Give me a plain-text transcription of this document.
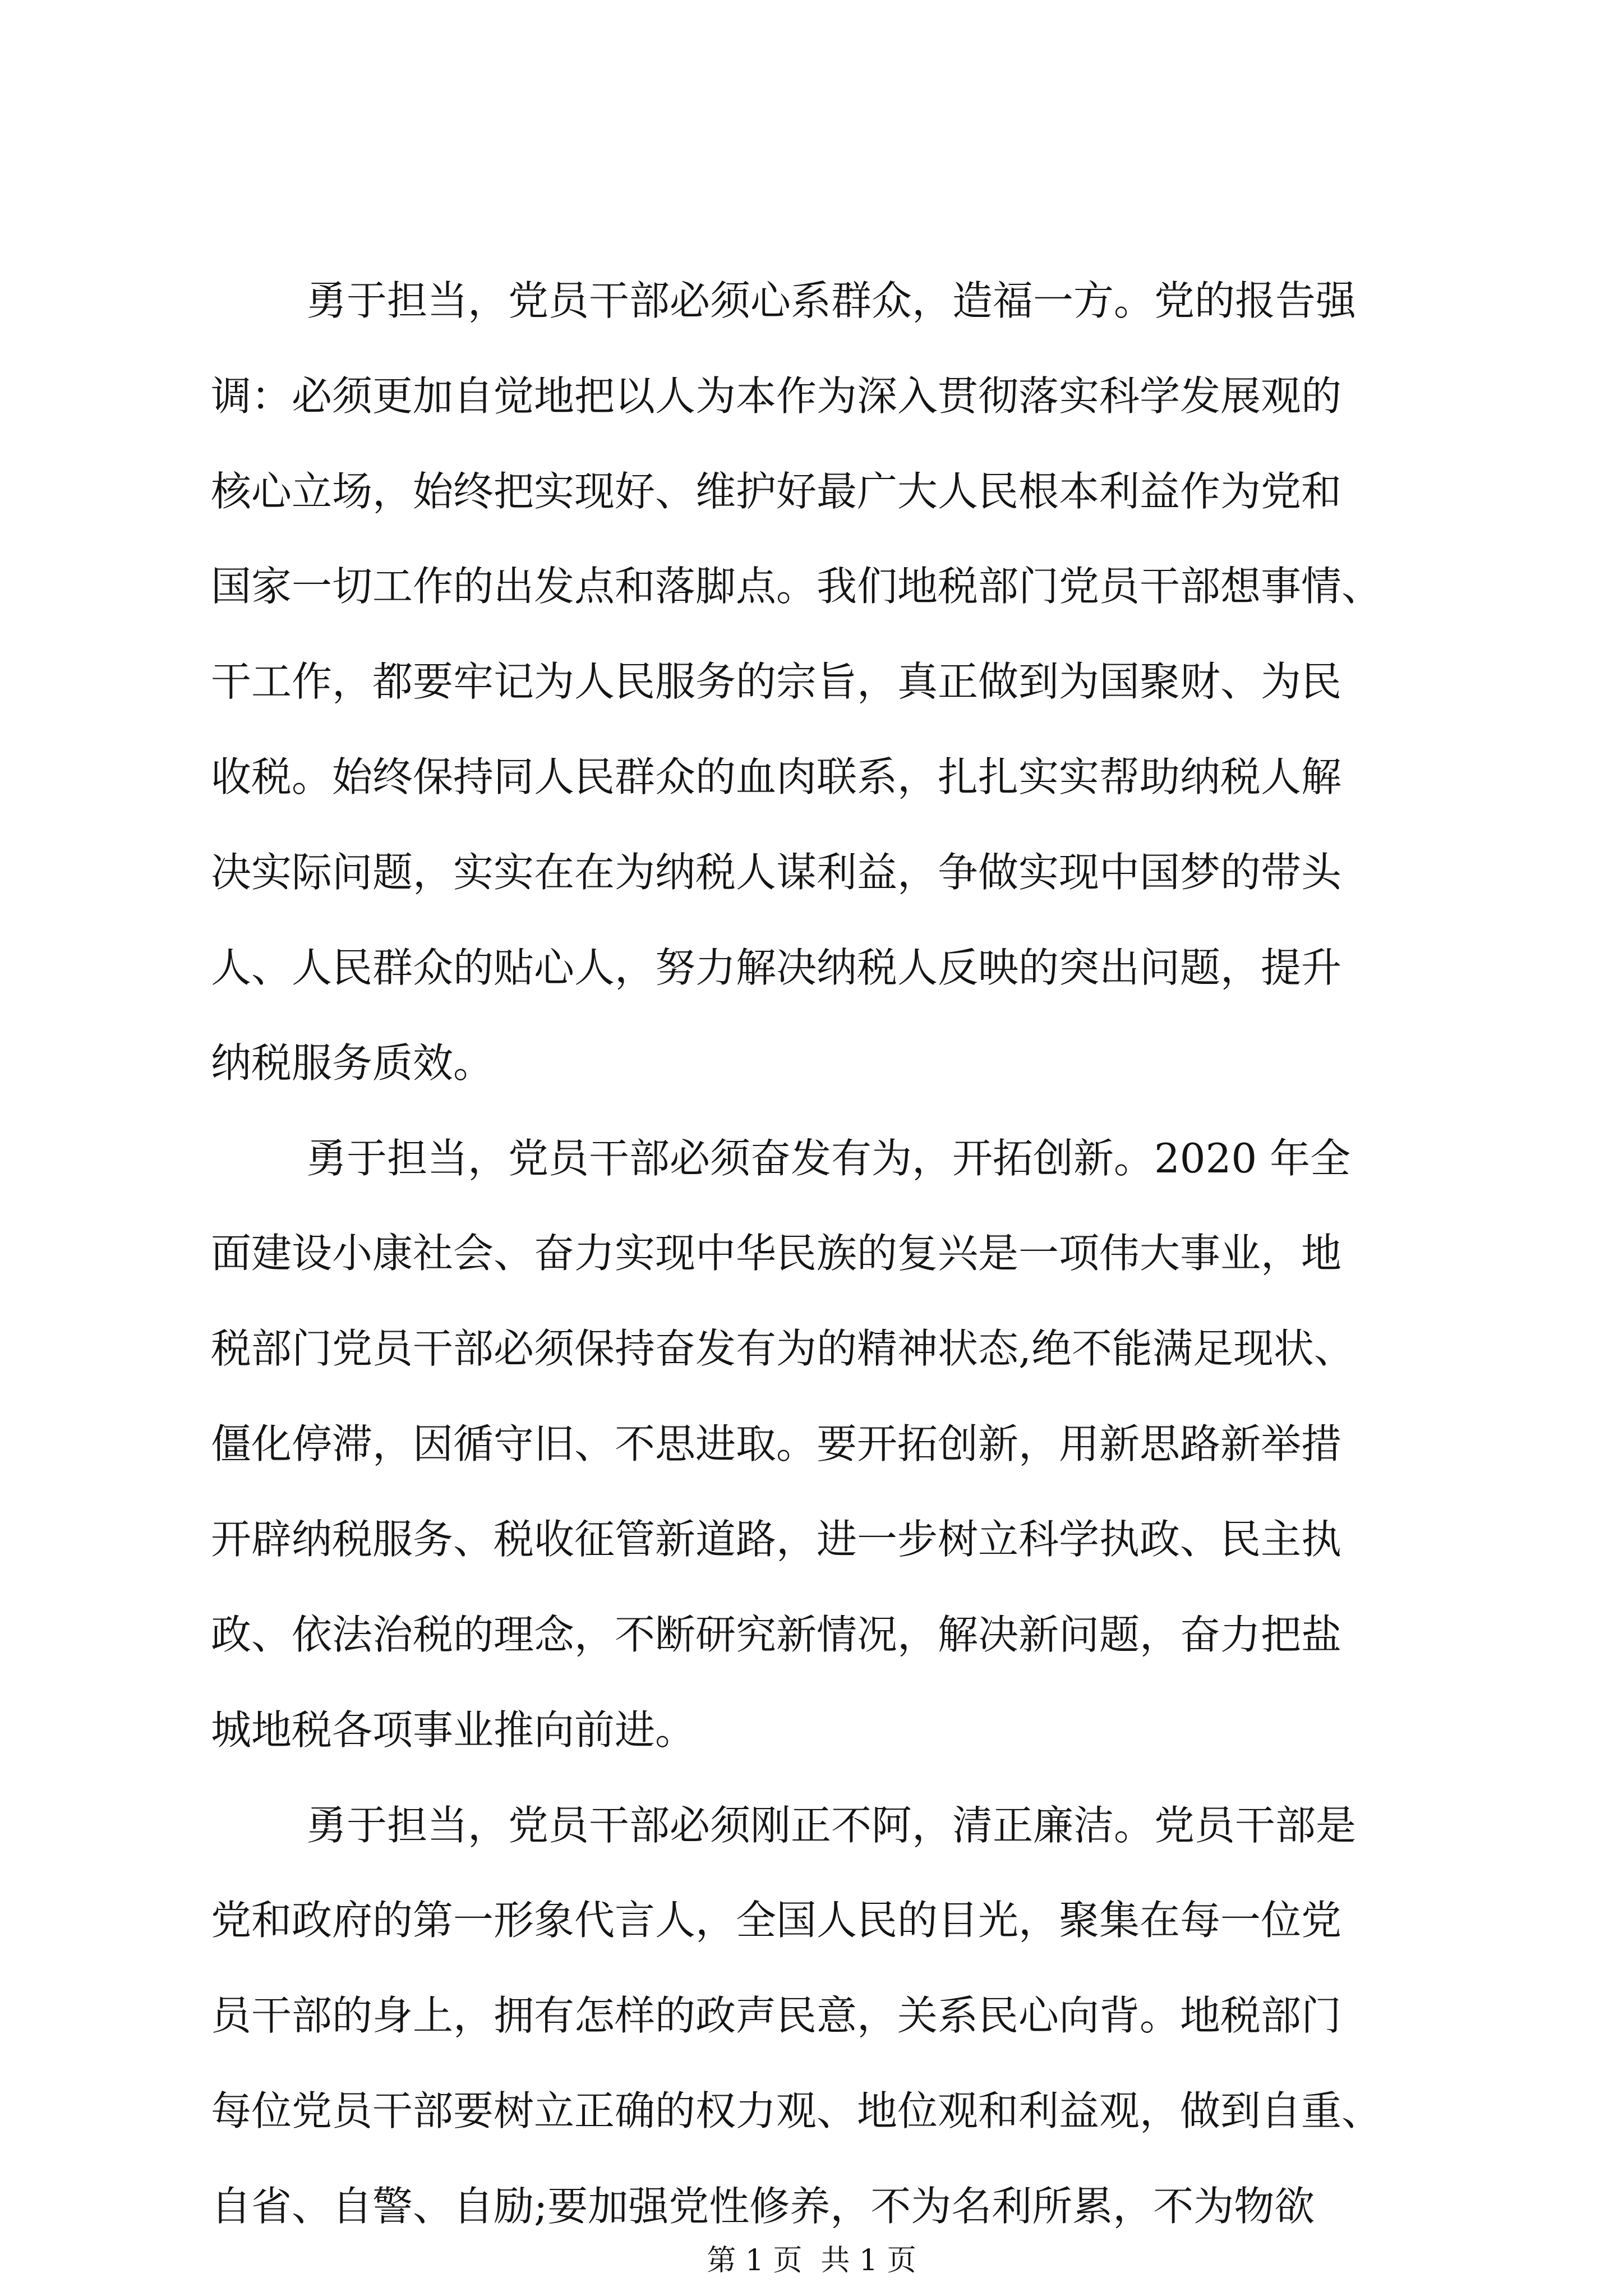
勇于担当，党员干部必须心系群众，造福一方。党的报告强
调：必须更加自觉地把以人为本作为深入贯彻落实科学发展观的
核心立场，始终把实现好、维护好最广大人民根本利益作为党和
国家一切工作的出发点和落脚点。我们地税部门党员干部想事情、
干工作，都要牢记为人民服务的宗旨，真正做到为国聚财、为民
收税。始终保持同人民群众的血肉联系，扎扎实实帮助纳税人解
决实际问题，实实在在为纳税人谋利益，争做实现中国梦的带头
人、人民群众的贴心人，努力解决纳税人反映的突出问题，提升
纳税服务质效。
勇于担当，党员干部必须奋发有为，开拓创新。2020 年全
面建设小康社会、奋力实现中华民族的复兴是一项伟大事业，地
税部门党员干部必须保持奋发有为的精神状态,绝不能满足现状、
僵化停滞，因循守旧、不思进取。要开拓创新，用新思路新举措
开辟纳税服务、税收征管新道路，进一步树立科学执政、民主执
政、依法治税的理念，不断研究新情况，解决新问题，奋力把盐
城地税各项事业推向前进。
勇于担当，党员干部必须刚正不阿，清正廉洁。党员干部是
党和政府的第一形象代言人，全国人民的目光，聚集在每一位党
员干部的身上，拥有怎样的政声民意，关系民心向背。地税部门
每位党员干部要树立正确的权力观、地位观和利益观，做到自重、
自省、自警、自励;要加强党性修养，不为名利所累，不为物欲
第 1 页  共 1 页
